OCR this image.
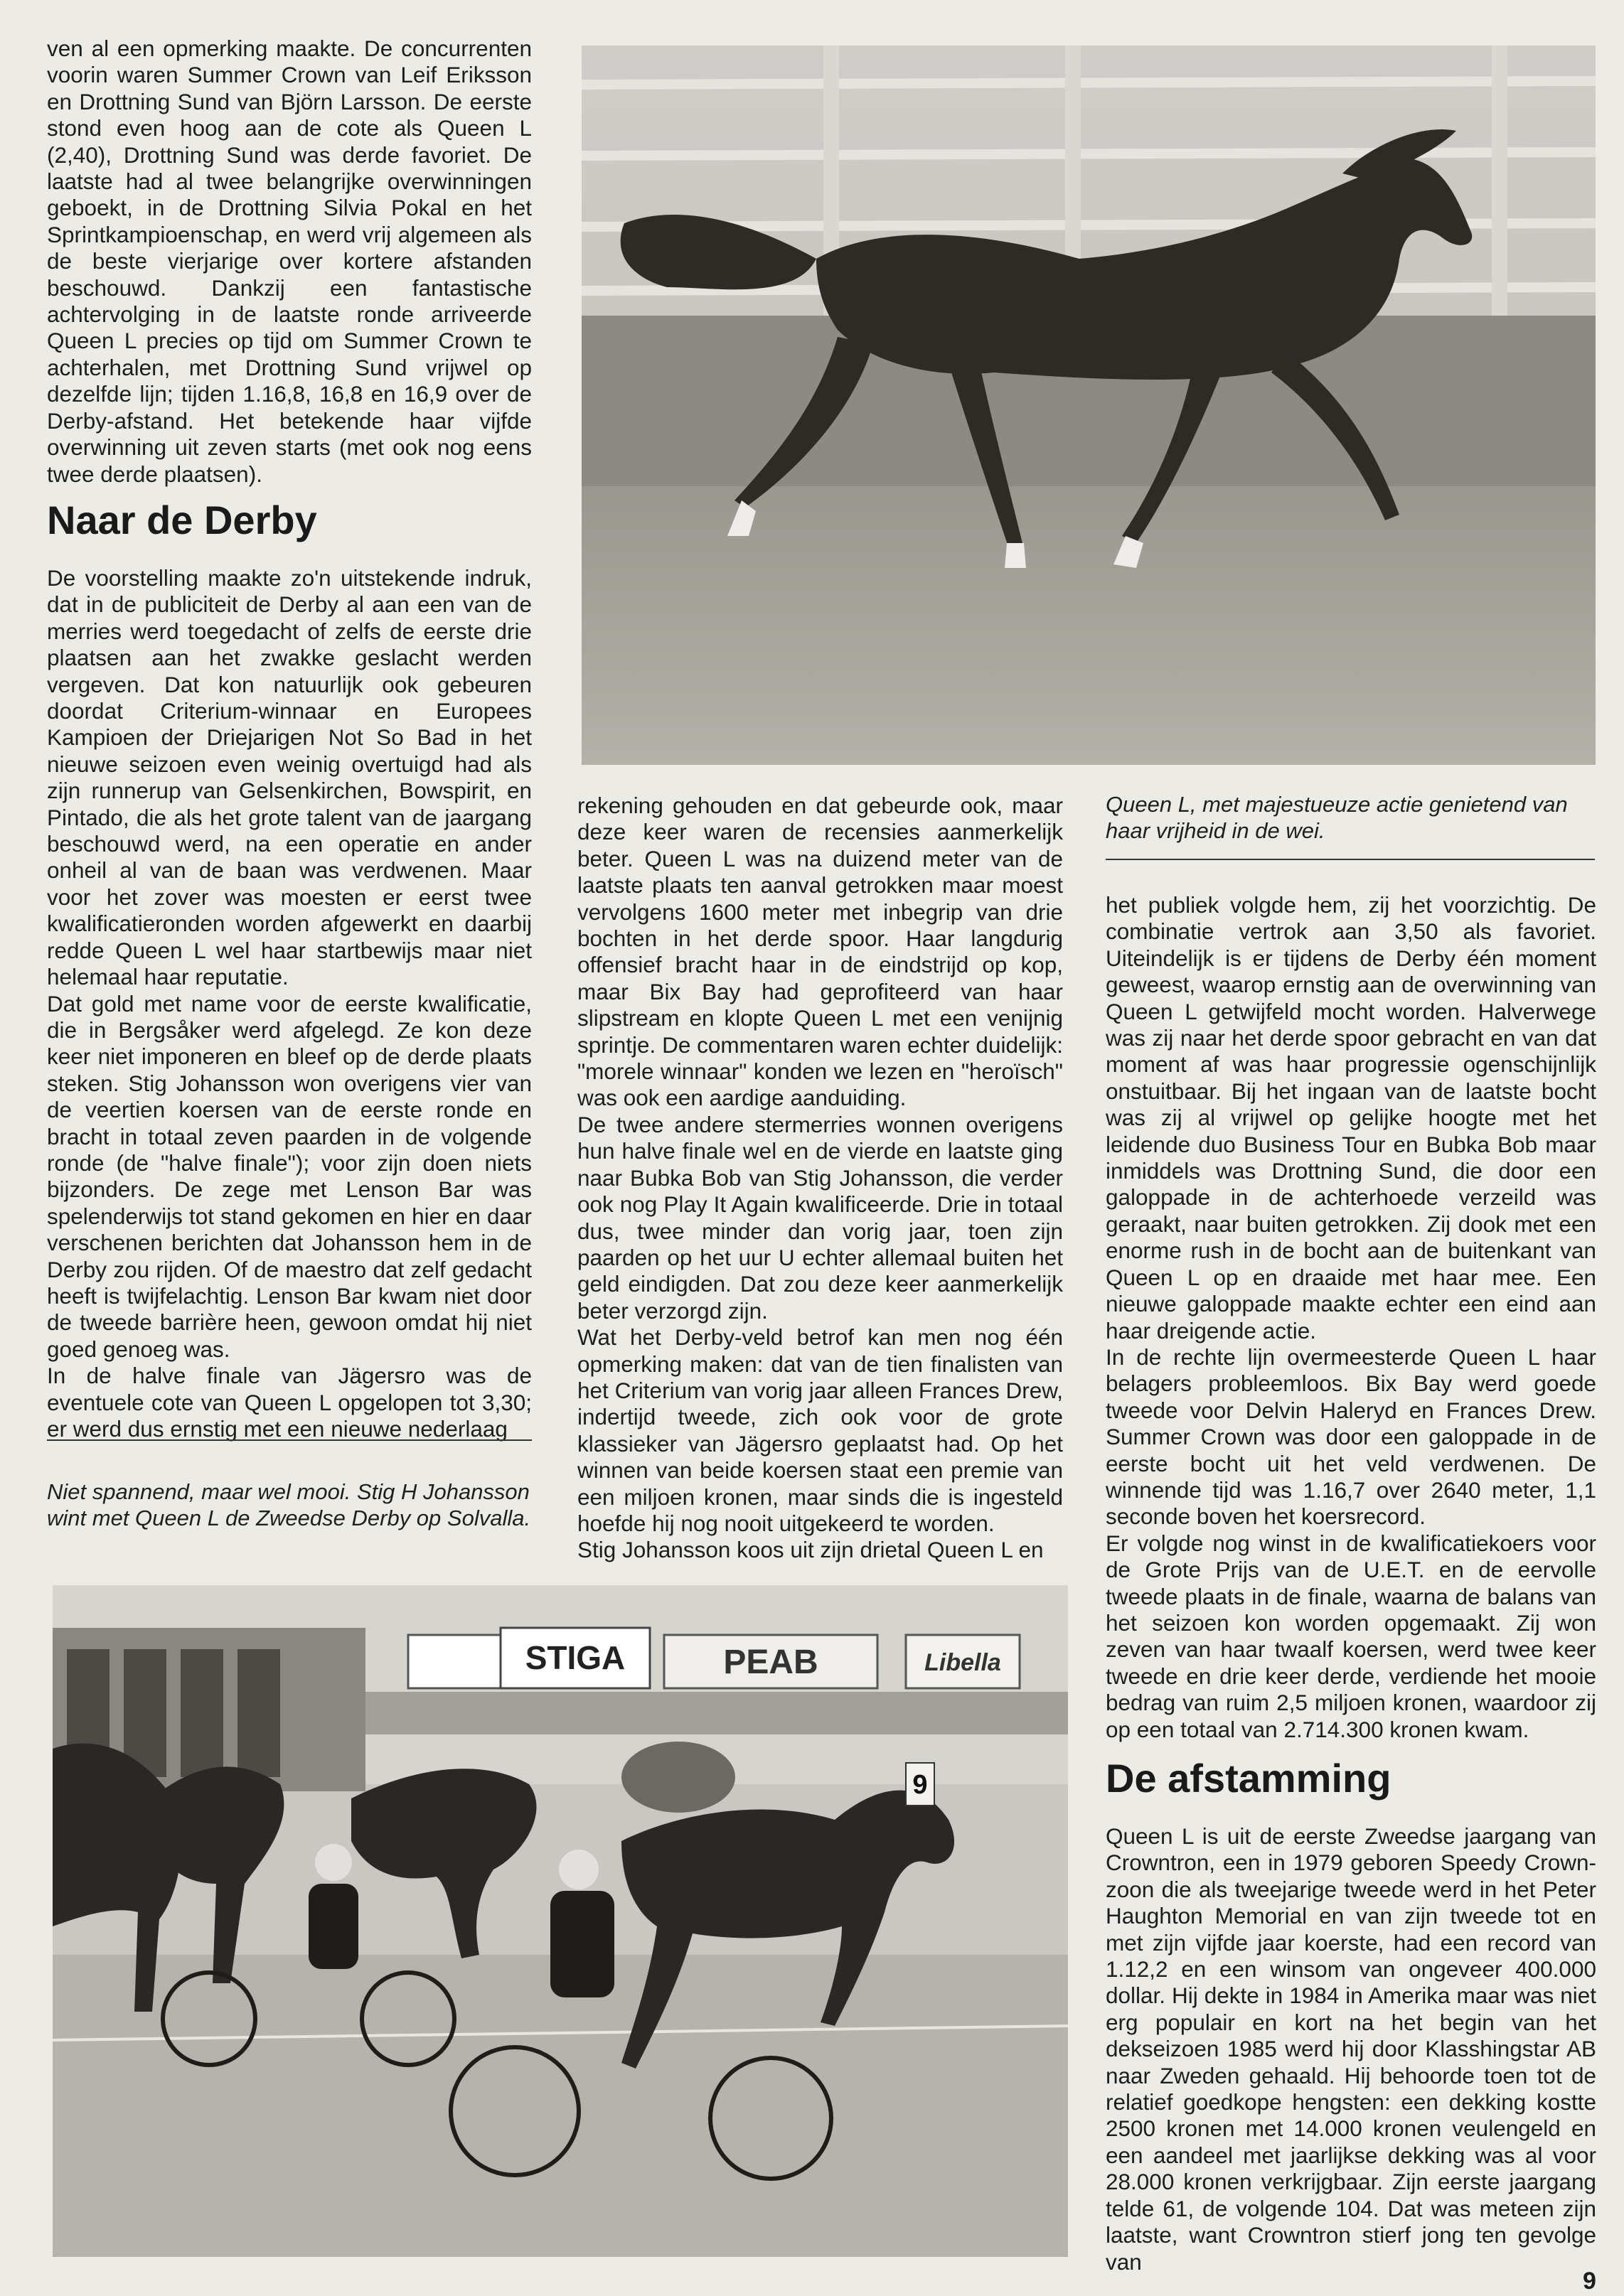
ven al een opmerking maakte. De concurrenten voorin waren Summer Crown van Leif Eriksson en Drottning Sund van Björn Larsson. De eerste stond even hoog aan de cote als Queen L (2,40), Drottning Sund was derde favoriet. De laatste had al twee belangrijke overwinningen geboekt, in de Drottning Silvia Pokal en het Sprintkampioenschap, en werd vrij algemeen als de beste vierjarige over kortere afstanden beschouwd. Dankzij een fantastische achtervolging in de laatste ronde arriveerde Queen L precies op tijd om Summer Crown te achterhalen, met Drottning Sund vrijwel op dezelfde lijn; tijden 1.16,8, 16,8 en 16,9 over de Derby-afstand. Het betekende haar vijfde overwinning uit zeven starts (met ook nog eens twee derde plaatsen).

Naar de Derby

De voorstelling maakte zo'n uitstekende indruk, dat in de publiciteit de Derby al aan een van de merries werd toegedacht of zelfs de eerste drie plaatsen aan het zwakke geslacht werden vergeven. Dat kon natuurlijk ook gebeuren doordat Criterium-winnaar en Europees Kampioen der Driejarigen Not So Bad in het nieuwe seizoen even weinig overtuigd had als zijn runnerup van Gelsenkirchen, Bowspirit, en Pintado, die als het grote talent van de jaargang beschouwd werd, na een operatie en ander onheil al van de baan was verdwenen. Maar voor het zover was moesten er eerst twee kwalificatieronden worden afgewerkt en daarbij redde Queen L wel haar startbewijs maar niet helemaal haar reputatie.

Dat gold met name voor de eerste kwalificatie, die in Bergsåker werd afgelegd. Ze kon deze keer niet imponeren en bleef op de derde plaats steken. Stig Johansson won overigens vier van de veertien koersen van de eerste ronde en bracht in totaal zeven paarden in de volgende ronde (de "halve finale"); voor zijn doen niets bijzonders. De zege met Lenson Bar was spelenderwijs tot stand gekomen en hier en daar verschenen berichten dat Johansson hem in de Derby zou rijden. Of de maestro dat zelf gedacht heeft is twijfelachtig. Lenson Bar kwam niet door de tweede barrière heen, gewoon omdat hij niet goed genoeg was.

In de halve finale van Jägersro was de eventuele cote van Queen L opgelopen tot 3,30; er werd dus ernstig met een nieuwe nederlaag

Niet spannend, maar wel mooi. Stig H Johansson wint met Queen L de Zweedse Derby op Solvalla.
Queen L, met majestueuze actie genietend van haar vrijheid in de wei.

rekening gehouden en dat gebeurde ook, maar deze keer waren de recensies aanmerkelijk beter. Queen L was na duizend meter van de laatste plaats ten aanval getrokken maar moest vervolgens 1600 meter met inbegrip van drie bochten in het derde spoor. Haar langdurig offensief bracht haar in de eindstrijd op kop, maar Bix Bay had geprofiteerd van haar slipstream en klopte Queen L met een venijnig sprintje. De commentaren waren echter duidelijk: "morele winnaar" konden we lezen en "heroïsch" was ook een aardige aanduiding.

De twee andere stermerries wonnen overigens hun halve finale wel en de vierde en laatste ging naar Bubka Bob van Stig Johansson, die verder ook nog Play It Again kwalificeerde. Drie in totaal dus, twee minder dan vorig jaar, toen zijn paarden op het uur U echter allemaal buiten het geld eindigden. Dat zou deze keer aanmerkelijk beter verzorgd zijn.

Wat het Derby-veld betrof kan men nog één opmerking maken: dat van de tien finalisten van het Criterium van vorig jaar alleen Frances Drew, indertijd tweede, zich ook voor de grote klassieker van Jägersro geplaatst had. Op het winnen van beide koersen staat een premie van een miljoen kronen, maar sinds die is ingesteld hoefde hij nog nooit uitgekeerd te worden.

Stig Johansson koos uit zijn drietal Queen L en

het publiek volgde hem, zij het voorzichtig. De combinatie vertrok aan 3,50 als favoriet. Uiteindelijk is er tijdens de Derby één moment geweest, waarop ernstig aan de overwinning van Queen L getwijfeld mocht worden. Halverwege was zij naar het derde spoor gebracht en van dat moment af was haar progressie ogenschijnlijk onstuitbaar. Bij het ingaan van de laatste bocht was zij al vrijwel op gelijke hoogte met het leidende duo Business Tour en Bubka Bob maar inmiddels was Drottning Sund, die door een galoppade in de achterhoede verzeild was geraakt, naar buiten getrokken. Zij dook met een enorme rush in de bocht aan de buitenkant van Queen L op en draaide met haar mee. Een nieuwe galoppade maakte echter een eind aan haar dreigende actie.

In de rechte lijn overmeesterde Queen L haar belagers probleemloos. Bix Bay werd goede tweede voor Delvin Haleryd en Frances Drew. Summer Crown was door een galoppade in de eerste bocht uit het veld verdwenen. De winnende tijd was 1.16,7 over 2640 meter, 1,1 seconde boven het koersrecord.

Er volgde nog winst in de kwalificatiekoers voor de Grote Prijs van de U.E.T. en de eervolle tweede plaats in de finale, waarna de balans van het seizoen kon worden opgemaakt. Zij won zeven van haar twaalf koersen, werd twee keer tweede en drie keer derde, verdiende het mooie bedrag van ruim 2,5 miljoen kronen, waardoor zij op een totaal van 2.714.300 kronen kwam.

De afstamming

Queen L is uit de eerste Zweedse jaargang van Crowntron, een in 1979 geboren Speedy Crown-zoon die als tweejarige tweede werd in het Peter Haughton Memorial en van zijn tweede tot en met zijn vijfde jaar koerste, had een record van 1.12,2 en een winsom van ongeveer 400.000 dollar. Hij dekte in 1984 in Amerika maar was niet erg populair en kort na het begin van het dekseizoen 1985 werd hij door Klasshingstar AB naar Zweden gehaald. Hij behoorde toen tot de relatief goedkope hengsten: een dekking kostte 2500 kronen met 14.000 kronen veulengeld en een aandeel met jaarlijkse dekking was al voor 28.000 kronen verkrijgbaar. Zijn eerste jaargang telde 61, de volgende 104. Dat was meteen zijn laatste, want Crowntron stierf jong ten gevolge van

STIGA	PEAB	Libella
9
9
